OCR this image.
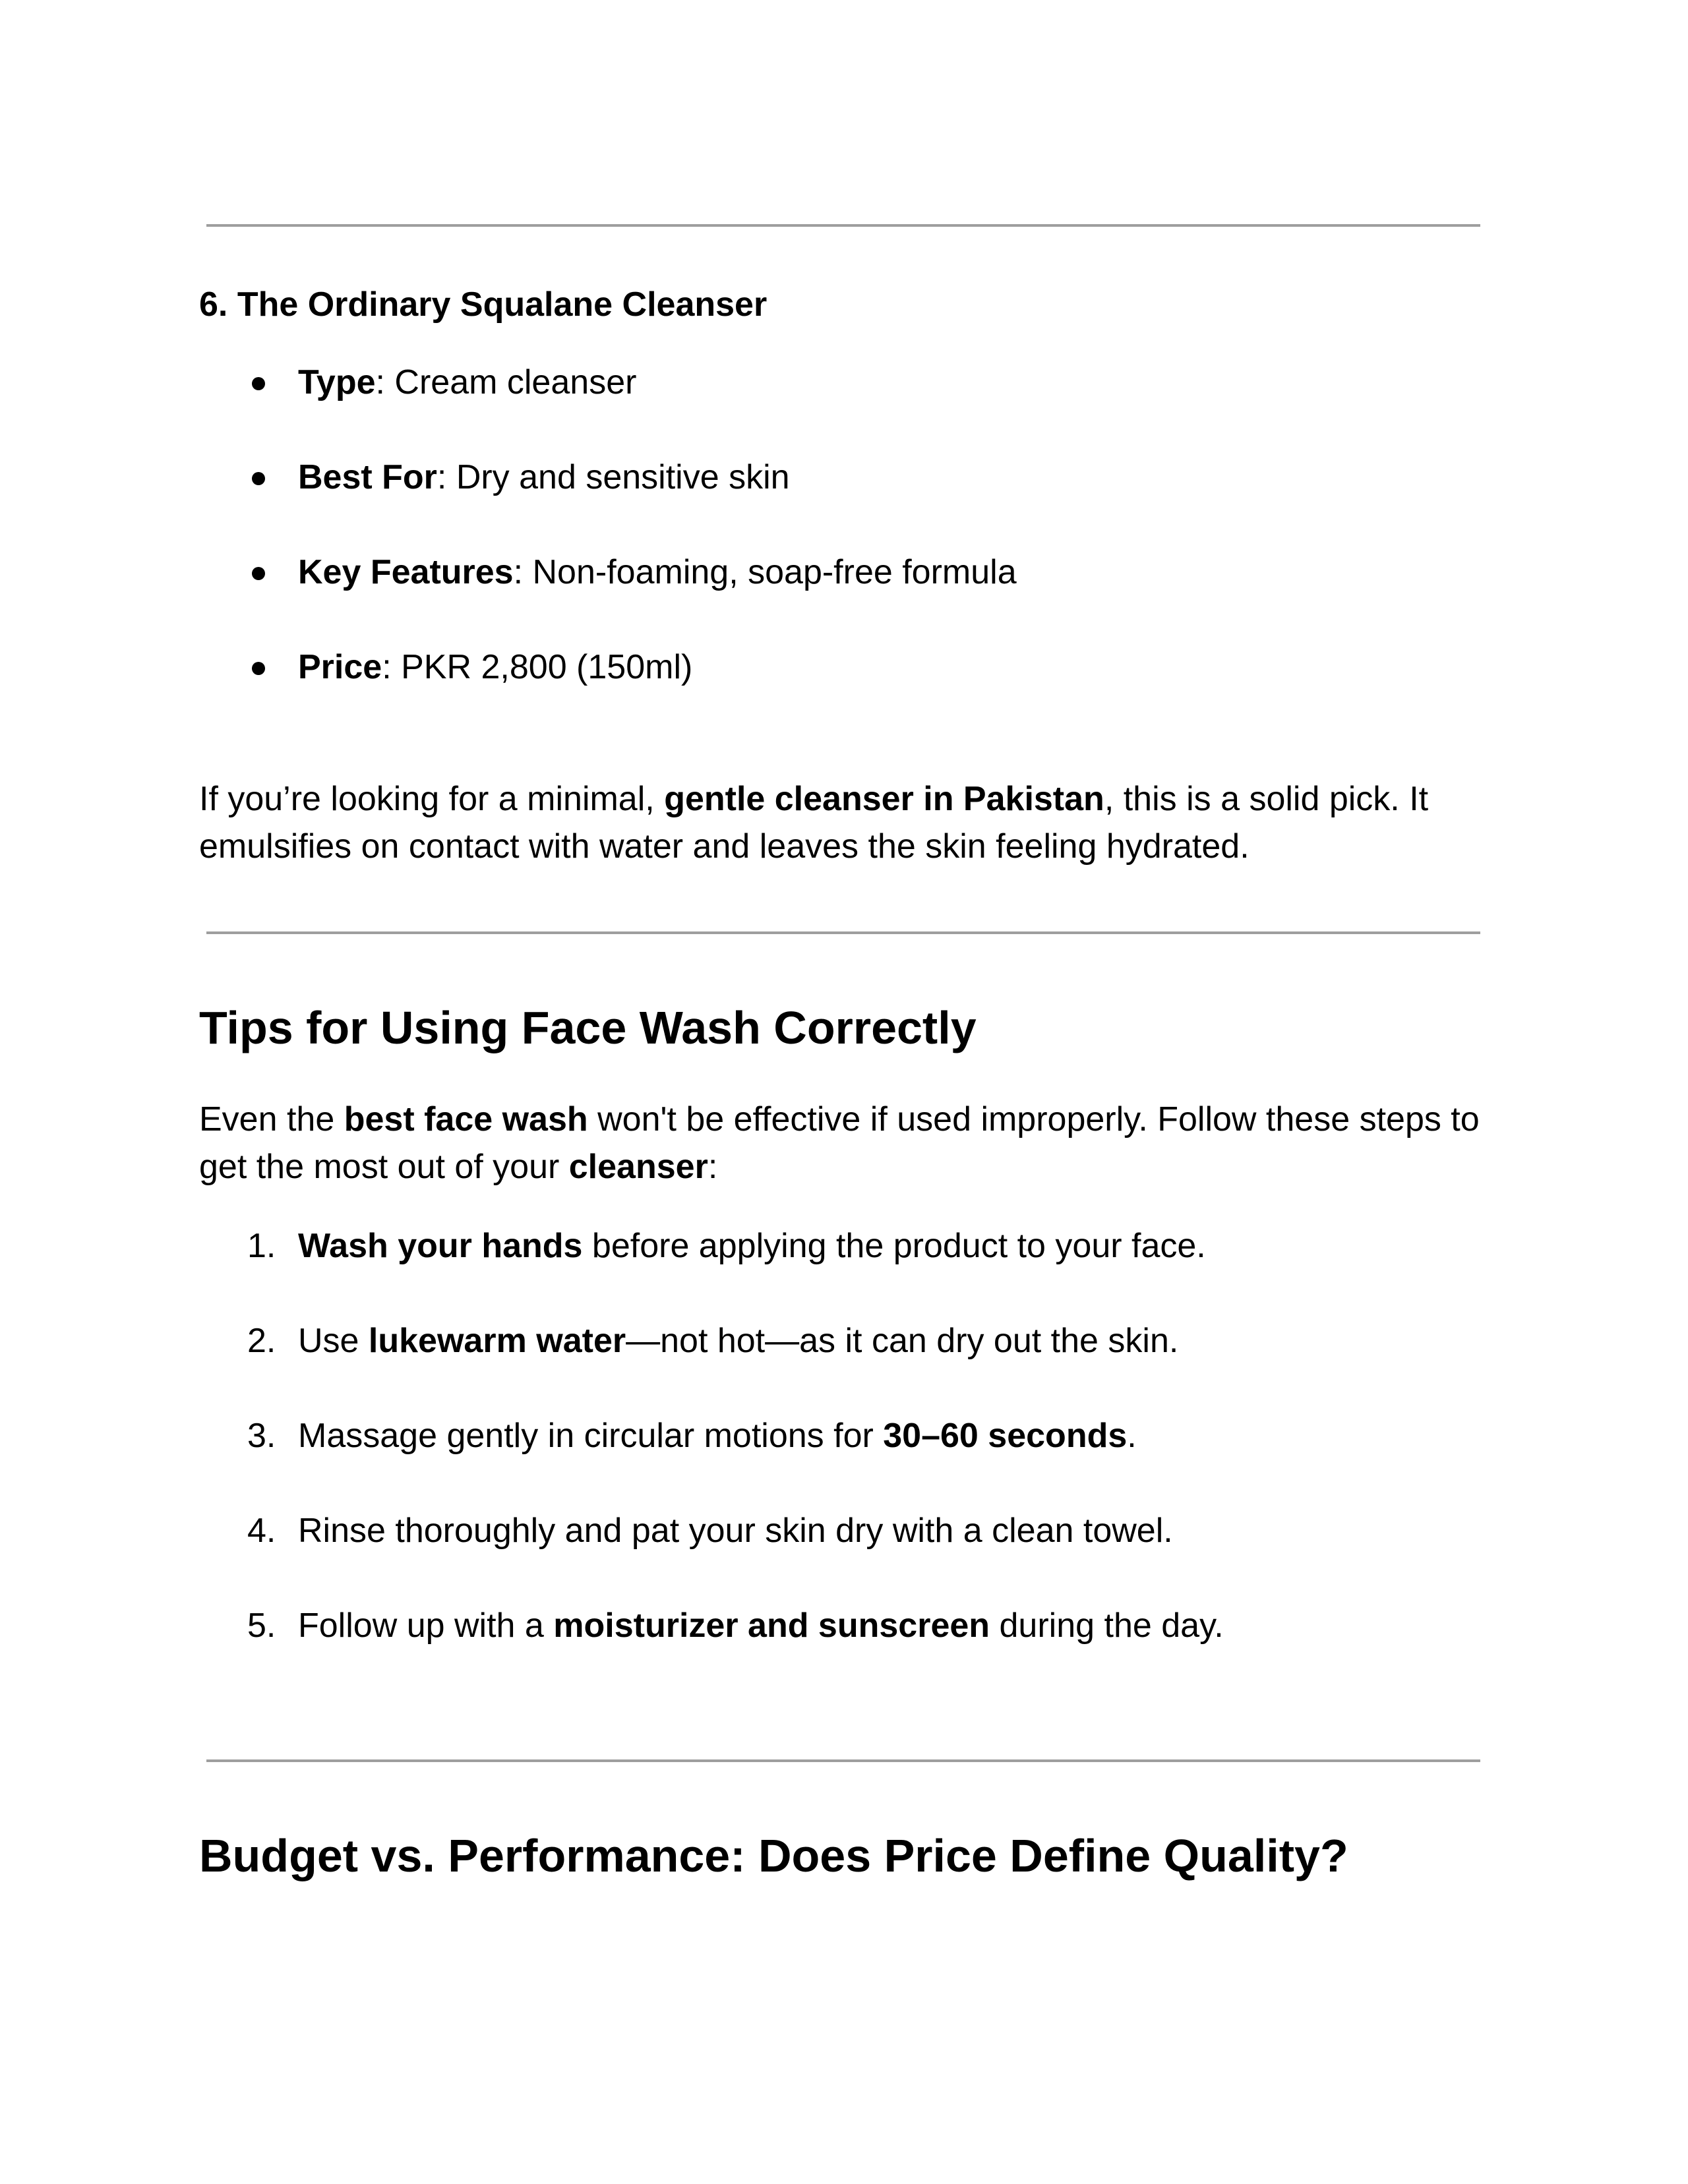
6. The Ordinary Squalane Cleanser
Type: Cream cleanser
Best For: Dry and sensitive skin
Key Features: Non-foaming, soap-free formula
Price: PKR 2,800 (150ml)

If you’re looking for a minimal, gentle cleanser in Pakistan, this is a solid pick. It emulsifies on contact with water and leaves the skin feeling hydrated.

Tips for Using Face Wash Correctly

Even the best face wash won't be effective if used improperly. Follow these steps to get the most out of your cleanser:

1. Wash your hands before applying the product to your face.
2. Use lukewarm water—not hot—as it can dry out the skin.
3. Massage gently in circular motions for 30–60 seconds.
4. Rinse thoroughly and pat your skin dry with a clean towel.
5. Follow up with a moisturizer and sunscreen during the day.
Budget vs. Performance: Does Price Define Quality?
